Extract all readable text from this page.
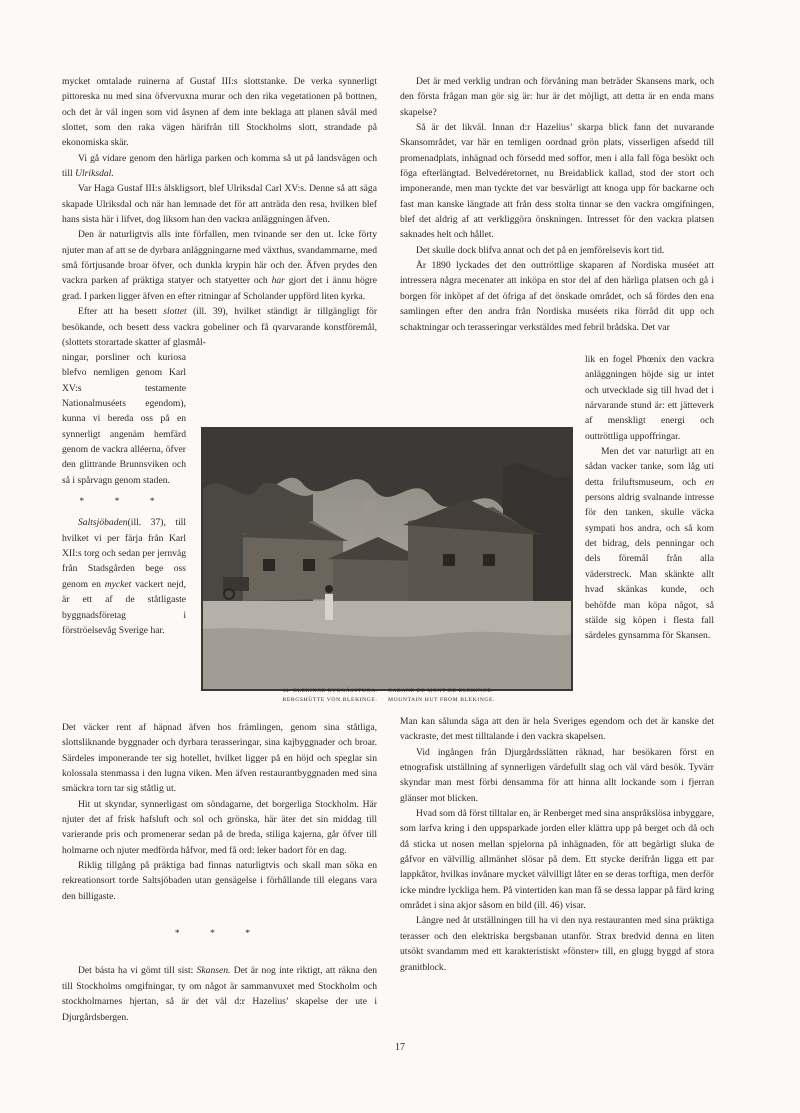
mycket omtalade ruinerna af Gustaf III:s slottstanke. De verka synnerligt pittoreska nu med sina öfvervuxna murar och den rika vegetationen på bottnen, och det är väl ingen som vid åsynen af dem inte beklaga att planen såväl med slottet, som den raka vägen härifrån till Stockholms slott, strandade på ekonomiska skär.

Vi gå vidare genom den härliga parken och komma så ut på landsvägen och till Ulriksdal.

Var Haga Gustaf III:s älskligsort, blef Ulriksdal Carl XV:s. Denne så att säga skapade Ulriksdal och när han lemnade det för att anträda den resa, hvilken blef hans sista här i lifvet, dog liksom han den vackra anläggningen äfven.

Den är naturligtvis alls inte förfallen, men tvinande ser den ut. Icke förty njuter man af att se de dyrbara anläggningarne med växthus, svandammarne, med små förtjusande broar öfver, och dunkla krypin här och der. Äfven prydes den vackra parken af präktiga statyer och statyetter och har gjort det i ännu högre grad. I parken ligger äfven en efter ritningar af Scholander uppförd liten kyrka.

Efter att ha besett slottet (ill. 39), hvilket ständigt är tillgängligt för besökande, och besett dess vackra gobeliner och få qvarvarande konstföremål, (slottets storartade skatter af glasmål-

ningar, porsliner och kuriosa blefvo nemligen genom Karl XV:s testamente Nationalmuséets egendom), kunna vi bereda oss på en synnerligt angenäm hemfärd genom de vackra alléerna, öfver den glittrande Brunnsviken och så i spårvagn genom staden.

* * *

Saltsjöbaden(ill. 37), till hvilket vi per färja från Karl XII:s torg och sedan per jernväg från Stadsgården bege oss genom en mycket vackert nejd, är ett af de ståtligaste byggnadsföretag i förströelsevåg Sverige har.

Det väcker rent af häpnad äfven hos främlingen, genom sina ståtliga, slottsliknande byggnader och dyrbara terasseringar, sina kajbyggnader och broar. Särdeles imponerande ter sig hotellet, hvilket ligger på en höjd och speglar sin kolossala stenmassa i den lugna viken. Men äfven restaurantbyggnaden med sina smäckra torn tar sig ståtlig ut.

Hit ut skyndar, synnerligast om söndagarne, det borgerliga Stockholm. Här njuter det af frisk hafsluft och sol och grönska, här äter det sin middag till varierande pris och promenerar sedan på de breda, stiliga kajerna, går öfver till holmarne och njuter medförda håfvor, med få ord: leker badort för en dag.

Riklig tillgång på präktiga bad finnas naturligtvis och skall man söka en rekreationsort torde Saltsjöbaden utan gensägelse i förhållande till elegans vara den billigaste.

* * *

Det bästa ha vi gömt till sist: Skansen. Det är nog inte riktigt, att räkna den till Stockholms omgifningar, ty om något är sammanvuxet med Stockholm och stockholmarnes hjertan, så är det väl d:r Hazelius’ skapelse der ute i Djurgårdsbergen.

Det är med verklig undran och förvåning man beträder Skansens mark, och den första frågan man gör sig är: hur är det möjligt, att detta är en enda mans skapelse?

Så är det likväl. Innan d:r Hazelius’ skarpa blick fann det nuvarande Skansområdet, var här en temligen oordnad grön plats, visserligen afsedd till promenadplats, inhägnad och försedd med soffor, men i alla fall föga besökt och föga efterlängtad. Belvedéretornet, nu Breidablick kallad, stod der stort och imponerande, men man tyckte det var besvärligt att knoga upp för backarne och fast man kanske längtade att från dess stolta tinnar se den vackra omgifningen, blef det aldrig af att verkliggöra önskningen. Intresset för den vackra platsen saknades helt och hållet.

Det skulle dock blifva annat och det på en jemförelsevis kort tid.

År 1890 lyckades det den outtröttlige skaparen af Nordiska muséet att intressera några mecenater att inköpa en stor del af den härliga platsen och gå i borgen för inköpet af det öfriga af det önskade området, och så fördes den ena samlingen efter den andra från Nordiska muséets rika förråd dit upp och schaktningar och terasseringar verkstäldes med febril brådska. Det var

lik en fogel Phœnix den vackra anläggningen höjde sig ur intet och utvecklade sig till hvad det i närvarande stund är: ett jätteverk af menskligt energi och outtröttliga uppoffringar.

Men det var naturligt att en sådan vacker tanke, som låg uti detta friluftsmuseum, och en persons aldrig svalnande intresse för den tanken, skulle väcka sympati hos andra, och så kom det bidrag, dels penningar och dels föremål från alla väderstreck. Man skänkte allt hvad skänkas kunde, och behöfde man köpa något, så stälde sig köpen i flesta fall särdeles gynsamma för Skansen.

Man kan sålunda säga att den är hela Sveriges egendom och det är kanske det vackraste, det mest tilltalande i den vackra skapelsen.

Vid ingången från Djurgårdsslätten räknad, har besökaren först en etnografisk utställning af synnerligen värdefullt slag och väl värd besök. Tyvärr skyndar man mest förbi densamma för att hinna allt lockande som i fjerran glänser mot blicken.

Hvad som då först tilltalar en, är Renberget med sina anspråkslösa inbyggare, som larfva kring i den uppsparkade jorden eller klättra upp på berget och då och då sticka ut nosen mellan spjelorna på inhägnaden, för att begärligt sluka de gåfvor en välvillig allmänhet slösar på dem. Ett stycke derifrån ligga ett par lappkåtor, hvilkas invånare mycket välvilligt låter en se deras torftiga, men derför icke mindre lyckliga hem. På vintertiden kan man få se dessa lappar på färd kring området i sina akjor såsom en bild (ill. 46) visar.

Längre ned åt utställningen till ha vi den nya restauranten med sina präktiga terasser och den elektriska bergsbanan utanför. Strax bredvid denna en liten utsökt svandamm med ett karakteristiskt »fönster» till, en glugg byggd af stora granitblock.

44. BLEKINGE RYGGÅSSTUGA.
BERGSHÜTTE VON BLEKINGE.
CABANE DE MONT DE BLEKINGE.
MOUNTAIN HUT FROM BLEKINGE.
17
